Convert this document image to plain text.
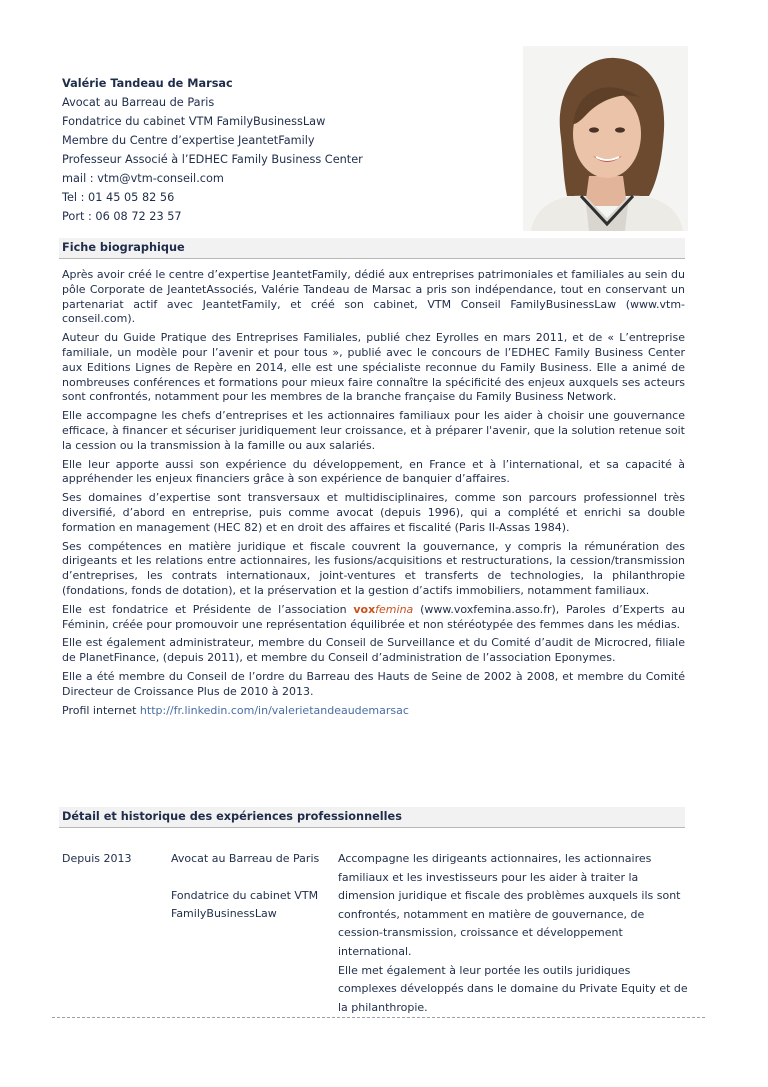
Valérie Tandeau de Marsac
Avocat au Barreau de Paris
Fondatrice du cabinet VTM FamilyBusinessLaw
Membre du Centre d’expertise JeantetFamily
Professeur Associé à l’EDHEC Family Business Center
mail : vtm@vtm-conseil.com
Tel : 01 45 05 82 56
Port : 06 08 72 23 57
Fiche biographique

Après avoir créé le centre d’expertise JeantetFamily, dédié aux entreprises patrimoniales et familiales au sein du pôle Corporate de JeantetAssociés, Valérie Tandeau de Marsac a pris son indépendance, tout en conservant un partenariat actif avec JeantetFamily, et créé son cabinet, VTM Conseil FamilyBusinessLaw (www.vtm-conseil.com).

Auteur du Guide Pratique des Entreprises Familiales, publié chez Eyrolles en mars 2011, et de « L’entreprise familiale, un modèle pour l’avenir et pour tous », publié avec le concours de l’EDHEC Family Business Center aux Editions Lignes de Repère en 2014, elle est une spécialiste reconnue du Family Business. Elle a animé de nombreuses conférences et formations pour mieux faire connaître la spécificité des enjeux auxquels ses acteurs sont confrontés, notamment pour les membres de la branche française du Family Business Network.

Elle accompagne les chefs d’entreprises et les actionnaires familiaux pour les aider à choisir une gouvernance efficace, à financer et sécuriser juridiquement leur croissance, et à préparer l'avenir, que la solution retenue soit la cession ou la transmission à la famille ou aux salariés.

Elle leur apporte aussi son expérience du développement, en France et à l’international, et sa capacité à appréhender les enjeux financiers grâce à son expérience de banquier d’affaires.

Ses domaines d’expertise sont transversaux et multidisciplinaires, comme son parcours professionnel très diversifié, d’abord en entreprise, puis comme avocat (depuis 1996), qui a complété et enrichi sa double formation en management (HEC 82) et en droit des affaires et fiscalité (Paris II-Assas 1984).

Ses compétences en matière juridique et fiscale couvrent la gouvernance, y compris la rémunération des dirigeants et les relations entre actionnaires, les fusions/acquisitions et restructurations, la cession/transmission d’entreprises, les contrats internationaux, joint-ventures et transferts de technologies, la philanthropie (fondations, fonds de dotation), et la préservation et la gestion d’actifs immobiliers, notamment familiaux.

Elle est fondatrice et Présidente de l’association voxfemina (www.voxfemina.asso.fr), Paroles d’Experts au Féminin, créée pour promouvoir une représentation équilibrée et non stéréotypée des femmes dans les médias.

Elle est également administrateur, membre du Conseil de Surveillance et du Comité d’audit de Microcred, filiale de PlanetFinance, (depuis 2011), et membre du Conseil d’administration de l’association Eponymes.

Elle a été membre du Conseil de l’ordre du Barreau des Hauts de Seine de 2002 à 2008, et membre du Comité Directeur de Croissance Plus de 2010 à 2013.

Profil internet http://fr.linkedin.com/in/valerietandeaudemarsac

Détail et historique des expériences professionnelles
Depuis 2013	Avocat au Barreau de Paris
Fondatrice du cabinet VTM FamilyBusinessLaw
Accompagne les dirigeants actionnaires, les actionnaires familiaux et les investisseurs pour les aider à traiter la dimension juridique et fiscale des problèmes auxquels ils sont confrontés, notamment en matière de gouvernance, de cession-transmission, croissance et développement international.
Elle met également à leur portée les outils juridiques complexes développés dans le domaine du Private Equity et de la philanthropie.
